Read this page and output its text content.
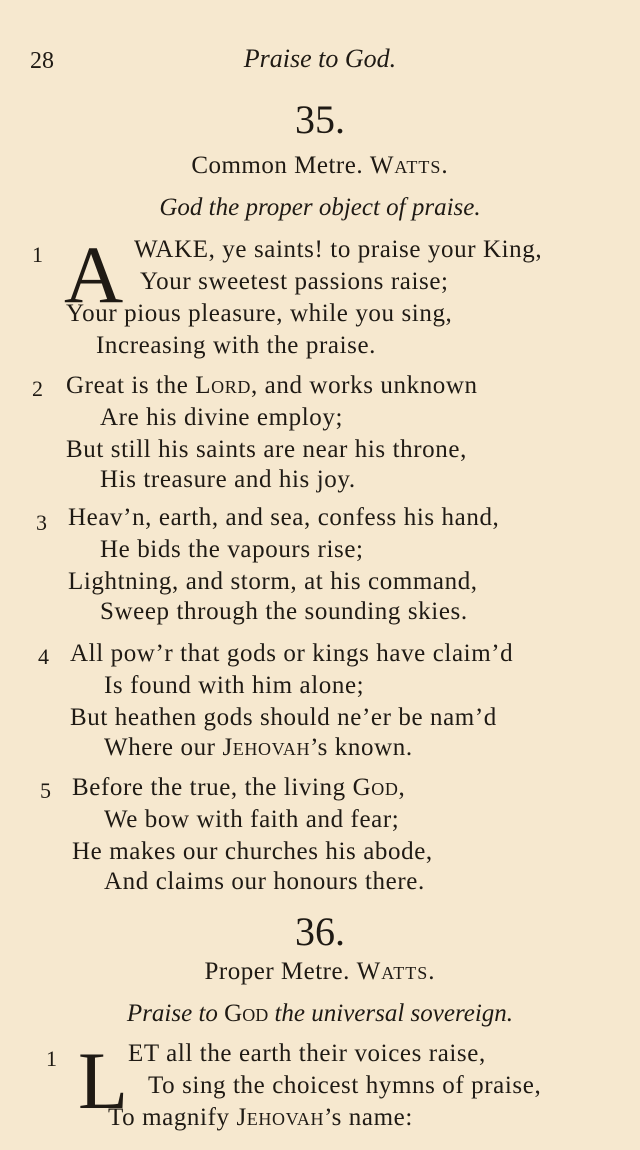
28	Praise to God.
35.
Common Metre. Watts.
God the proper object of praise.
1 A WAKE, ye saints! to praise your King,
Your sweetest passions raise;
Your pious pleasure, while you sing,
Increasing with the praise.
2 Great is the Lord, and works unknown
Are his divine employ;
But still his saints are near his throne,
His treasure and his joy.
3 Heav’n, earth, and sea, confess his hand,
He bids the vapours rise;
Lightning, and storm, at his command,
Sweep through the sounding skies.
4 All pow’r that gods or kings have claim’d
Is found with him alone;
But heathen gods should ne’er be nam’d
Where our Jehovah’s known.
5 Before the true, the living God,
We bow with faith and fear;
He makes our churches his abode,
And claims our honours there.
36.
Proper Metre. Watts.
Praise to God the universal sovereign.
1 L ET all the earth their voices raise,
To sing the choicest hymns of praise,
To magnify Jehovah’s name:
